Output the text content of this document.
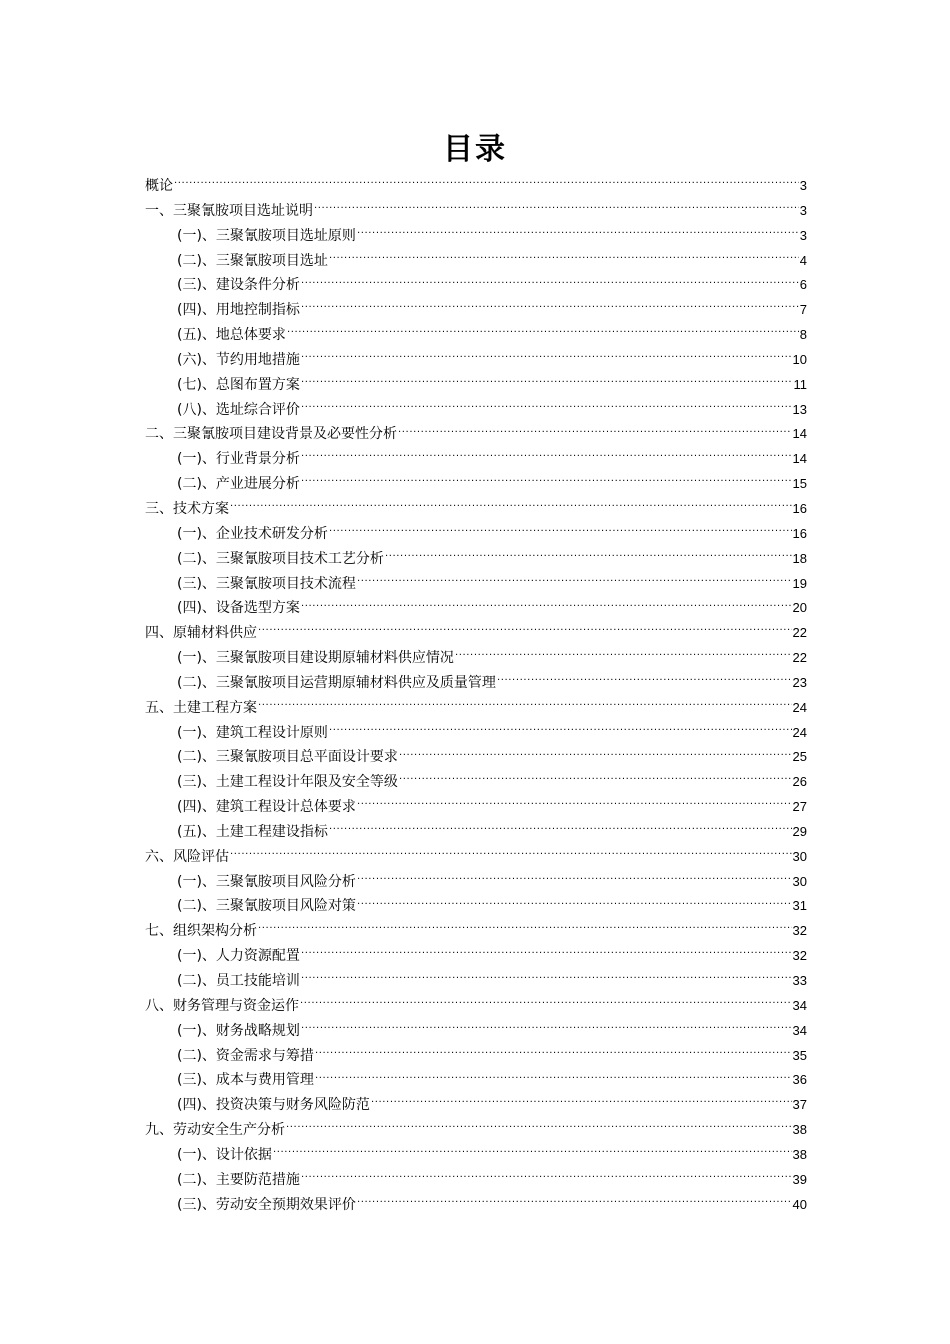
目录
概论 .....	3
一、三聚氰胺项目选址说明 .....	3
(一)、三聚氰胺项目选址原则 .....	3
(二)、三聚氰胺项目选址 .....	4
(三)、建设条件分析 .....	6
(四)、用地控制指标 .....	7
(五)、地总体要求 .....	8
(六)、节约用地措施 .....	10
(七)、总图布置方案 .....	11
(八)、选址综合评价 .....	13
二、三聚氰胺项目建设背景及必要性分析 .....	14
(一)、行业背景分析 .....	14
(二)、产业进展分析 .....	15
三、技术方案 .....	16
(一)、企业技术研发分析 .....	16
(二)、三聚氰胺项目技术工艺分析 .....	18
(三)、三聚氰胺项目技术流程 .....	19
(四)、设备选型方案 .....	20
四、原辅材料供应 .....	22
(一)、三聚氰胺项目建设期原辅材料供应情况 .....	22
(二)、三聚氰胺项目运营期原辅材料供应及质量管理 .....	23
五、土建工程方案 .....	24
(一)、建筑工程设计原则 .....	24
(二)、三聚氰胺项目总平面设计要求 .....	25
(三)、土建工程设计年限及安全等级 .....	26
(四)、建筑工程设计总体要求 .....	27
(五)、土建工程建设指标 .....	29
六、风险评估 .....	30
(一)、三聚氰胺项目风险分析 .....	30
(二)、三聚氰胺项目风险对策 .....	31
七、组织架构分析 .....	32
(一)、人力资源配置 .....	32
(二)、员工技能培训 .....	33
八、财务管理与资金运作 .....	34
(一)、财务战略规划 .....	34
(二)、资金需求与筹措 .....	35
(三)、成本与费用管理 .....	36
(四)、投资决策与财务风险防范 .....	37
九、劳动安全生产分析 .....	38
(一)、设计依据 .....	38
(二)、主要防范措施 .....	39
(三)、劳动安全预期效果评价 .....	40
